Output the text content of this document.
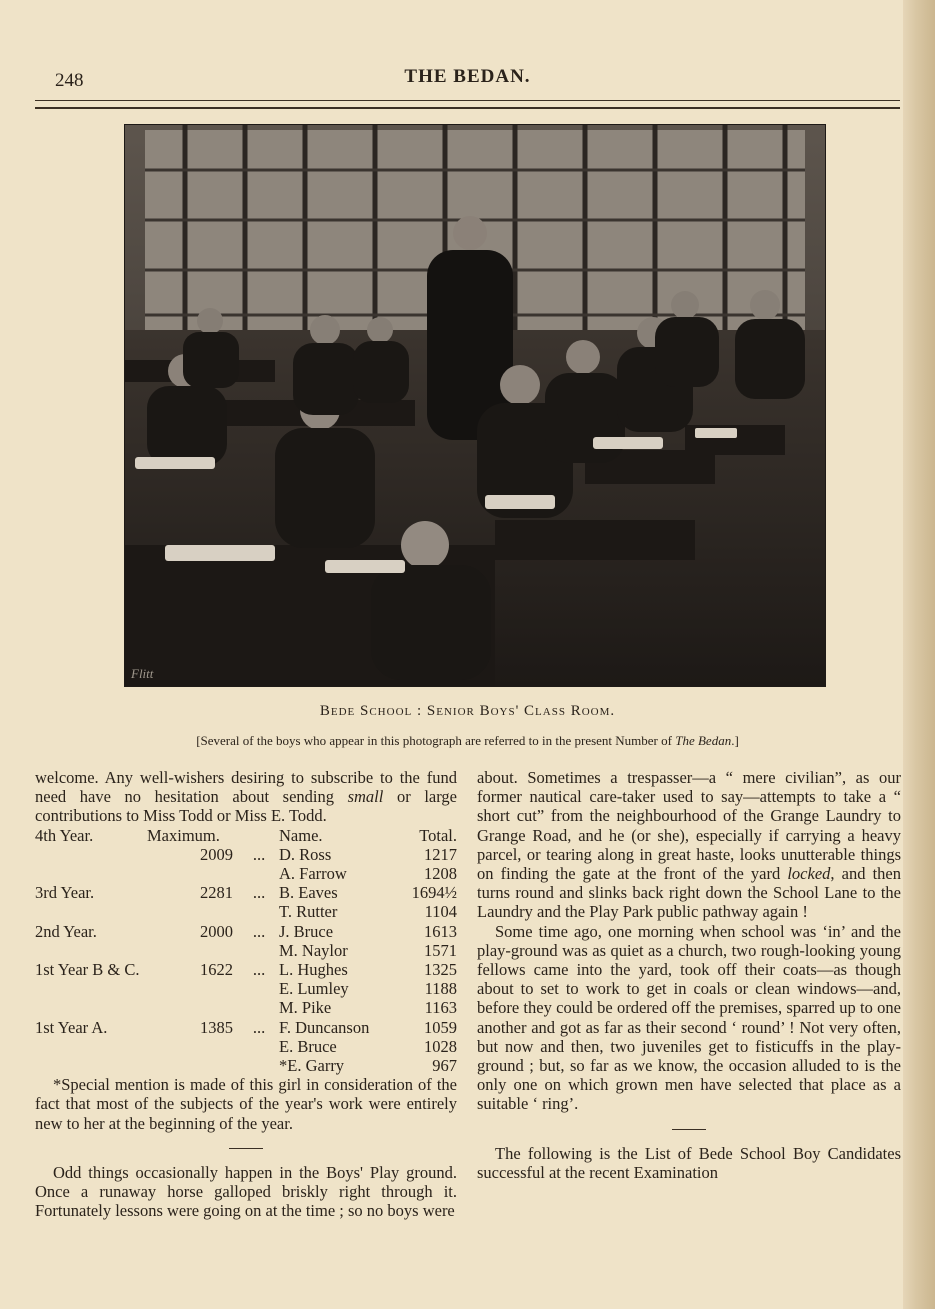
248	THE BEDAN.
Flitt
Bede School : Senior Boys' Class Room.
[Several of the boys who appear in this photograph are referred to in the present Number of The Bedan.]

welcome. Any well-wishers desiring to subscribe to the fund need have no hesitation about sending small or large contributions to Miss Todd or Miss E. Todd.

4th Year.	Maximum.		Name.	Total.
	2009	...	D. Ross	1217
			A. Farrow	1208
3rd Year.	2281	...	B. Eaves	1694½
			T. Rutter	1104
2nd Year.	2000	...	J. Bruce	1613
			M. Naylor	1571
1st Year B & C.	1622	...	L. Hughes	1325
			E. Lumley	1188
			M. Pike	1163
1st Year A.	1385	...	F. Duncanson	1059
			E. Bruce	1028
			*E. Garry	967

*Special mention is made of this girl in consideration of the fact that most of the subjects of the year's work were entirely new to her at the beginning of the year.

Odd things occasionally happen in the Boys' Play ground. Once a runaway horse galloped briskly right through it. Fortunately lessons were going on at the time ; so no boys were

about. Sometimes a trespasser—a “ mere civilian”, as our former nautical care-taker used to say—attempts to take a “ short cut” from the neighbourhood of the Grange Laundry to Grange Road, and he (or she), especially if carrying a heavy parcel, or tearing along in great haste, looks unutterable things on finding the gate at the front of the yard locked, and then turns round and slinks back right down the School Lane to the Laundry and the Play Park public pathway again !

Some time ago, one morning when school was ‘in’ and the play-ground was as quiet as a church, two rough-looking young fellows came into the yard, took off their coats—as though about to set to work to get in coals or clean windows—and, before they could be ordered off the premises, sparred up to one another and got as far as their second ‘ round’ ! Not very often, but now and then, two juveniles get to fisticuffs in the play-ground ; but, so far as we know, the occasion alluded to is the only one on which grown men have selected that place as a suitable ‘ ring’.

The following is the List of Bede School Boy Candidates successful at the recent Examination
